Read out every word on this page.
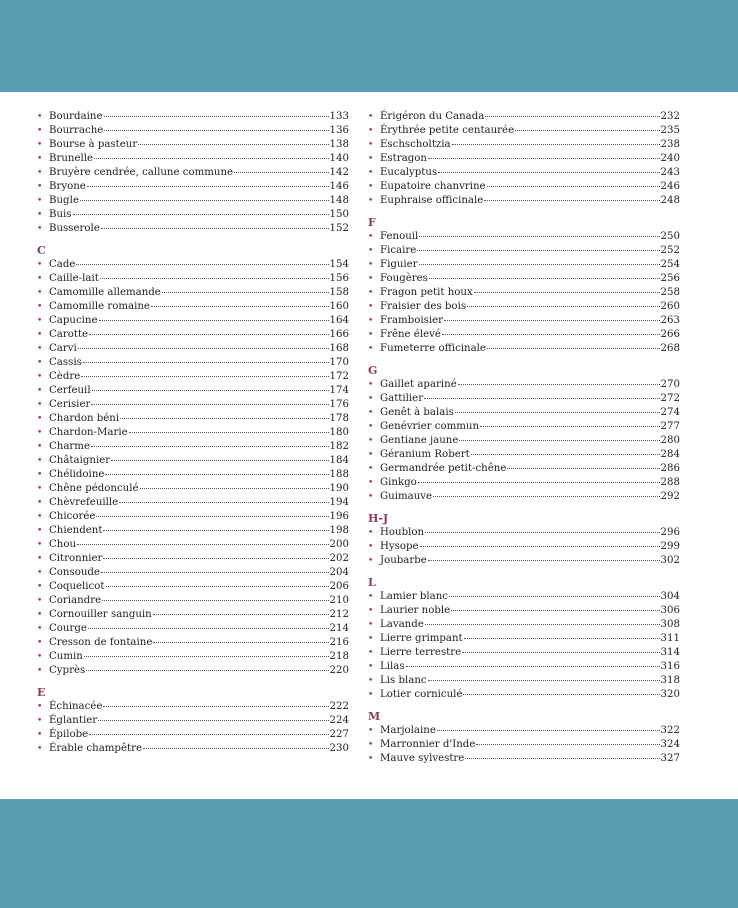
• Bourdaine	133
• Bourrache	136
• Bourse à pasteur	138
• Brunelle	140
• Bruyère cendrée, callune commune	142
• Bryone	146
• Bugle	148
• Buis	150
• Busserole	152
C
• Cade	154
• Caille-lait	156
• Camomille allemande	158
• Camomille romaine	160
• Capucine	164
• Carotte	166
• Carvi	168
• Cassis	170
• Cèdre	172
• Cerfeuil	174
• Cerisier	176
• Chardon béni	178
• Chardon-Marie	180
• Charme	182
• Châtaignier	184
• Chélidoine	188
• Chêne pédonculé	190
• Chèvrefeuille	194
• Chicorée	196
• Chiendent	198
• Chou	200
• Citronnier	202
• Consoude	204
• Coquelicot	206
• Coriandre	210
• Cornouiller sanguin	212
• Courge	214
• Cresson de fontaine	216
• Cumin	218
• Cyprès	220
E
• Échinacée	222
• Églantier	224
• Épilobe	227
• Érable champêtre	230
• Érigéron du Canada	232
• Érythrée petite centaurée	235
• Eschscholtzia	238
• Estragon	240
• Eucalyptus	243
• Eupatoire chanvrine	246
• Euphraise officinale	248
F
• Fenouil	250
• Ficaire	252
• Figuier	254
• Fougères	256
• Fragon petit houx	258
• Fraisier des bois	260
• Framboisier	263
• Frêne élevé	266
• Fumeterre officinale	268
G
• Gaillet apariné	270
• Gattilier	272
• Genêt à balais	274
• Genévrier commun	277
• Gentiane jaune	280
• Géranium Robert	284
• Germandrée petit-chêne	286
• Ginkgo	288
• Guimauve	292
H-J
• Houblon	296
• Hysope	299
• Joubarbe	302
L
• Lamier blanc	304
• Laurier noble	306
• Lavande	308
• Lierre grimpant	311
• Lierre terrestre	314
• Lilas	316
• Lis blanc	318
• Lotier corniculé	320
M
• Marjolaine	322
• Marronnier d'Inde	324
• Mauve sylvestre	327
